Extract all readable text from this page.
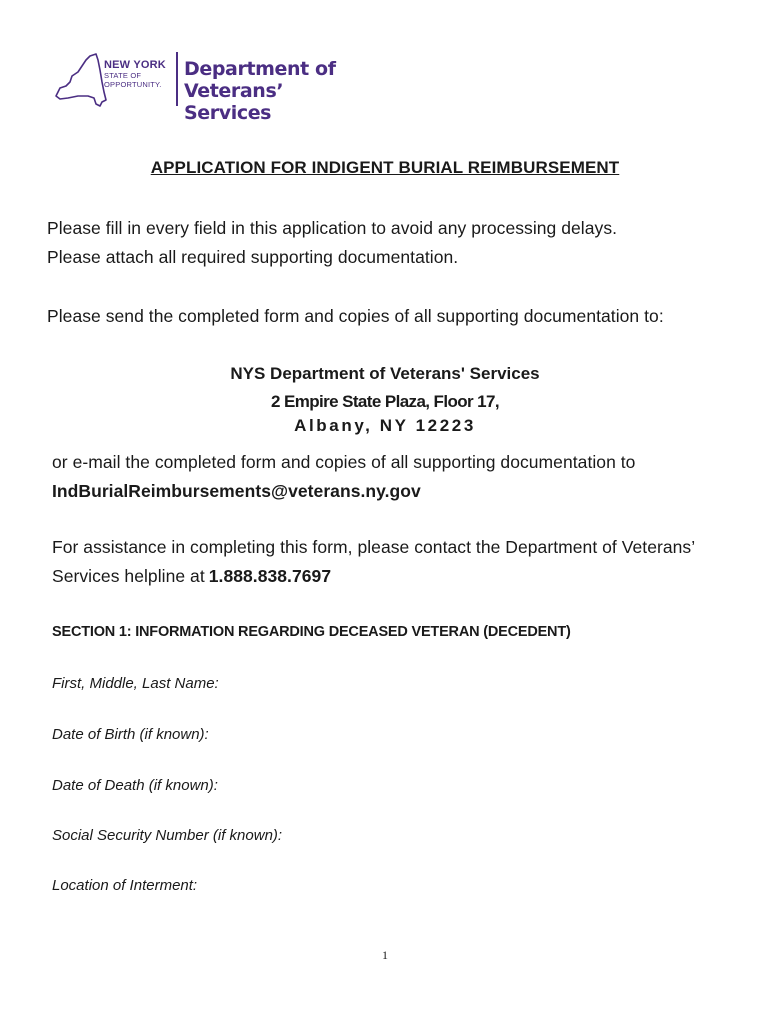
NEW YORK
STATE OF
OPPORTUNITY.
Department of
Veterans’ Services
APPLICATION FOR INDIGENT BURIAL REIMBURSEMENT
Please fill in every field in this application to avoid any processing delays.
Please attach all required supporting documentation.
Please send the completed form and copies of all supporting documentation to:
NYS Department of Veterans' Services
2 Empire State Plaza, Floor 17,
Albany, NY 12223
or e-mail the completed form and copies of all supporting documentation to
IndBurialReimbursements@veterans.ny.gov
For assistance in completing this form, please contact the Department of Veterans’ Services helpline at 1.888.838.7697
SECTION 1: INFORMATION REGARDING DECEASED VETERAN (DECEDENT)
First, Middle, Last Name:
Date of Birth (if known):
Date of Death (if known):
Social Security Number (if known):
Location of Interment:
1
